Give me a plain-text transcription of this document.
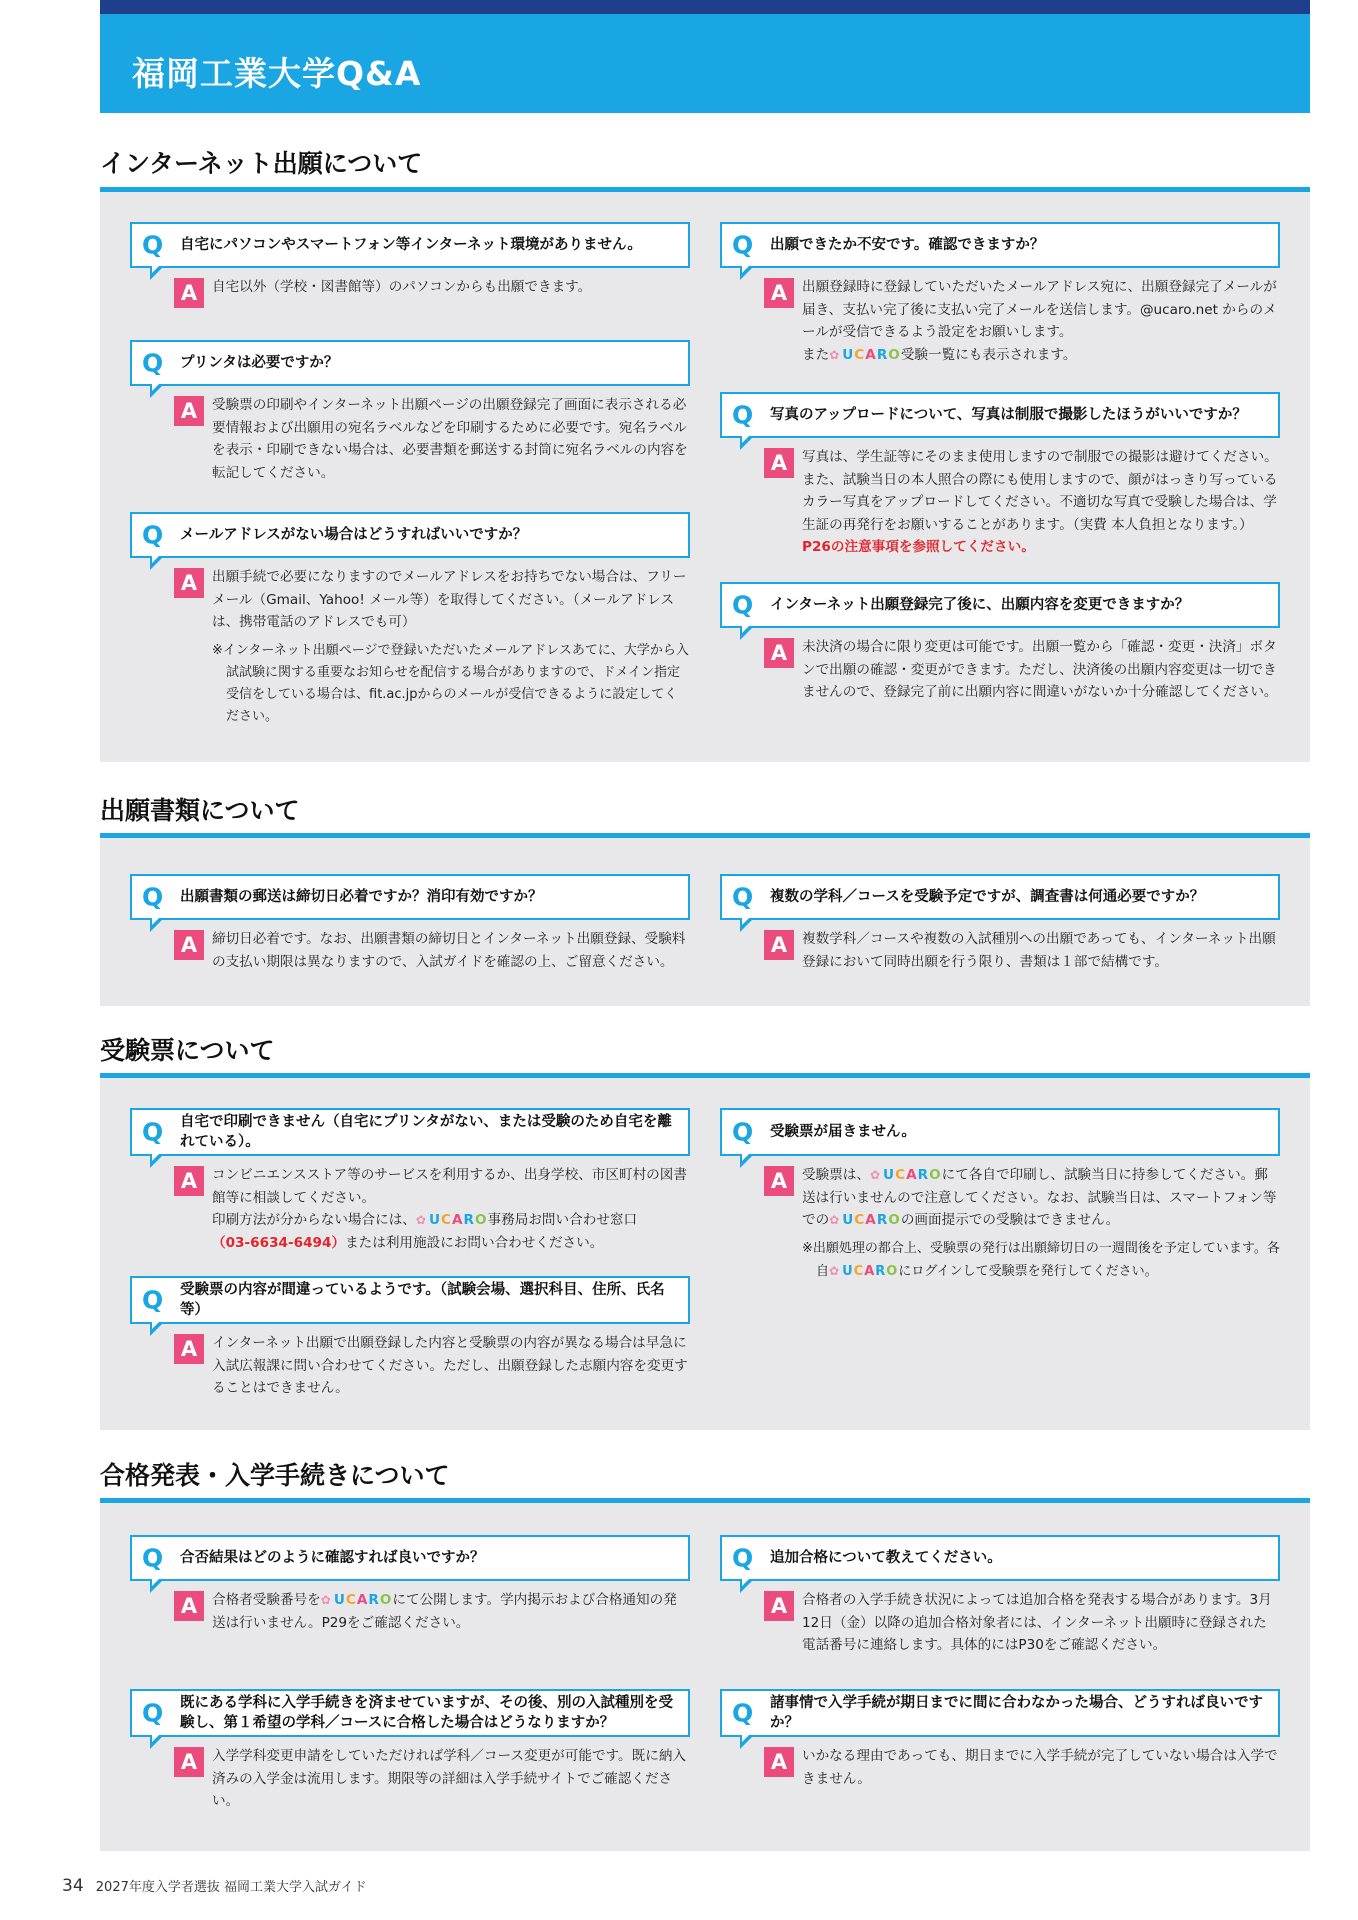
福岡工業大学Q&A
インターネット出願について
Q 自宅にパソコンやスマートフォン等インターネット環境がありません。
A	自宅以外（学校・図書館等）のパソコンからも出願できます。

Q プリンタは必要ですか？
A	受験票の印刷やインターネット出願ページの出願登録完了画面に表示される必要情報および出願用の宛名ラベルなどを印刷するために必要です。宛名ラベルを表示・印刷できない場合は、必要書類を郵送する封筒に宛名ラベルの内容を転記してください。

Q メールアドレスがない場合はどうすればいいですか？
A	出願手続で必要になりますのでメールアドレスをお持ちでない場合は、フリーメール（Gmail、Yahoo! メール等）を取得してください。（メールアドレスは、携帯電話のアドレスでも可）

※インターネット出願ページで登録いただいたメールアドレスあてに、大学から入試試験に関する重要なお知らせを配信する場合がありますので、ドメイン指定受信をしている場合は、fit.ac.jpからのメールが受信できるように設定してください。

Q 出願できたか不安です。確認できますか？
A	出願登録時に登録していただいたメールアドレス宛に、出願登録完了メールが届き、支払い完了後に支払い完了メールを送信します。@ucaro.net からのメールが受信できるよう設定をお願いします。
また✿ UCARO受験一覧にも表示されます。

Q 写真のアップロードについて、写真は制服で撮影したほうがいいですか？
A	写真は、学生証等にそのまま使用しますので制服での撮影は避けてください。また、試験当日の本人照合の際にも使用しますので、顔がはっきり写っているカラー写真をアップロードしてください。不適切な写真で受験した場合は、学生証の再発行をお願いすることがあります。（実費 本人負担となります。）P26の注意事項を参照してください。

Q インターネット出願登録完了後に、出願内容を変更できますか？
A	未決済の場合に限り変更は可能です。出願一覧から「確認・変更・決済」ボタンで出願の確認・変更ができます。ただし、決済後の出願内容変更は一切できませんので、登録完了前に出願内容に間違いがないか十分確認してください。

出願書類について
Q 出願書類の郵送は締切日必着ですか？消印有効ですか？
A	締切日必着です。なお、出願書類の締切日とインターネット出願登録、受験料の支払い期限は異なりますので、入試ガイドを確認の上、ご留意ください。

Q 複数の学科／コースを受験予定ですが、調査書は何通必要ですか？
A	複数学科／コースや複数の入試種別への出願であっても、インターネット出願登録において同時出願を行う限り、書類は１部で結構です。

受験票について
Q 自宅で印刷できません（自宅にプリンタがない、または受験のため自宅を離れている）。
A	コンビニエンスストア等のサービスを利用するか、出身学校、市区町村の図書館等に相談してください。
印刷方法が分からない場合には、✿ UCARO事務局お問い合わせ窓口
（03-6634-6494）または利用施設にお問い合わせください。

Q 受験票の内容が間違っているようです。（試験会場、選択科目、住所、氏名等）
A	インターネット出願で出願登録した内容と受験票の内容が異なる場合は早急に入試広報課に問い合わせてください。ただし、出願登録した志願内容を変更することはできません。

Q 受験票が届きません。
A	受験票は、✿ UCAROにて各自で印刷し、試験当日に持参してください。郵送は行いませんので注意してください。なお、試験当日は、スマートフォン等での✿ UCAROの画面提示での受験はできません。

※出願処理の都合上、受験票の発行は出願締切日の一週間後を予定しています。各自✿ UCAROにログインして受験票を発行してください。

合格発表・入学手続きについて
Q 合否結果はどのように確認すれば良いですか？
A	合格者受験番号を✿ UCAROにて公開します。学内掲示および合格通知の発送は行いません。P29をご確認ください。

Q 既にある学科に入学手続きを済ませていますが、その後、別の入試種別を受験し、第１希望の学科／コースに合格した場合はどうなりますか？
A	入学学科変更申請をしていただければ学科／コース変更が可能です。既に納入済みの入学金は流用します。期限等の詳細は入学手続サイトでご確認ください。

Q 追加合格について教えてください。
A	合格者の入学手続き状況によっては追加合格を発表する場合があります。3月12日（金）以降の追加合格対象者には、インターネット出願時に登録された電話番号に連絡します。具体的にはP30をご確認ください。

Q 諸事情で入学手続が期日までに間に合わなかった場合、どうすれば良いですか？
A	いかなる理由であっても、期日までに入学手続が完了していない場合は入学できません。

34 2027年度入学者選抜 福岡工業大学入試ガイド
